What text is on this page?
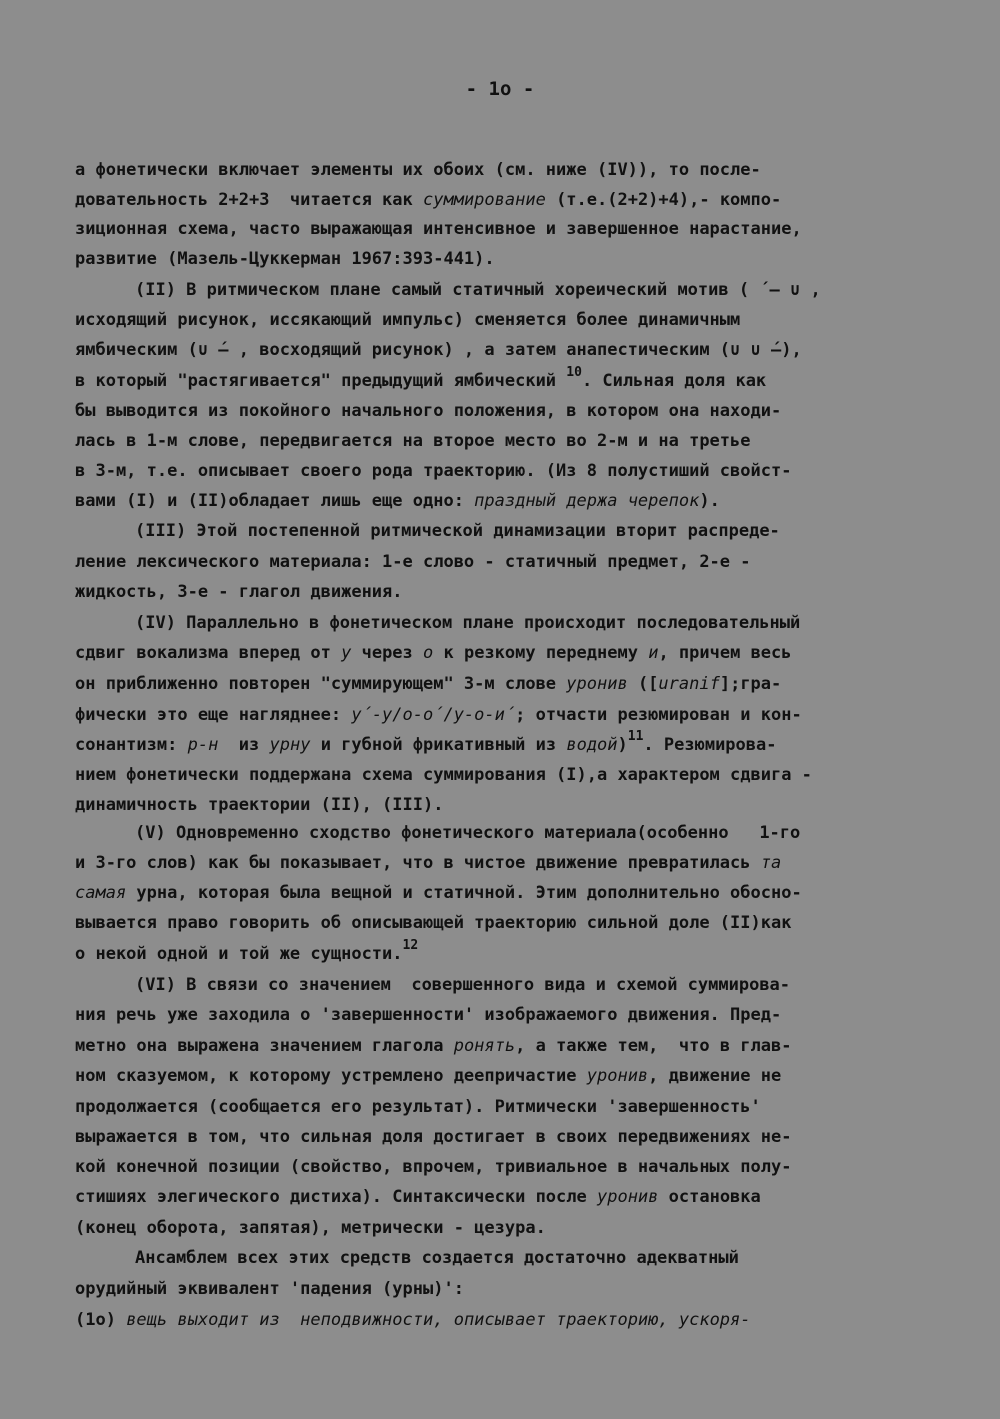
- 1o -
а фонетически включает элементы их обоих (см. ниже (IV)), то после-
довательность 2+2+3  читается как суммирование (т.е.(2+2)+4),- компо-
зиционная схема, часто выражающая интенсивное и завершенное нарастание,
развитие (Мазель-Цуккерман 1967:393-441).
(II) В ритмическом плане самый статичный хореический мотив ( ́ – ∪ ,
исходящий рисунок, иссякающий импульс) сменяется более динамичным
ямбическим (∪ ́– , восходящий рисунок) , а затем анапестическим (∪ ∪ ́–),
в который "растягивается" предыдущий ямбический $^{10}$. Сильная доля как
бы выводится из покойного начального положения, в котором она находи-
лась в 1-м слове, передвигается на второе место во 2-м и на третье
в 3-м, т.е. описывает своего рода траекторию. (Из 8 полустиший свойст-
вами (I) и (II)обладает лишь еще одно: праздный держа черепок).
(III) Этой постепенной ритмической динамизации вторит распреде-
ление лексического материала: 1-е слово - статичный предмет, 2-е -
жидкость, 3-е - глагол движения.
(IV) Параллельно в фонетическом плане происходит последовательный
сдвиг вокализма вперед от у через о к резкому переднему и, причем весь
он приближенно повторен "суммирующем" 3-м слове уронив ([uranif];гра-
фически это еще нагляднее: у́-у/о-о́/у-о-и́; отчасти резюмирован и кон-
сонантизм: р-н  из урну и губной фрикативный из водой)$^{11}$. Резюмирова-
нием фонетически поддержана схема суммирования (I),а характером сдвига -
динамичность траектории (II), (III).
(V) Одновременно сходство фонетического материала(особенно   1-го
и 3-го слов) как бы показывает, что в чистое движение превратилась та
самая урна, которая была вещной и статичной. Этим дополнительно обосно-
вывается право говорить об описывающей траекторию сильной доле (II)как
о некой одной и той же сущности.$^{12}$
(VI) В связи со значением  совершенного вида и схемой суммирова-
ния речь уже заходила о 'завершенности' изображаемого движения. Пред-
метно она выражена значением глагола ронять, а также тем,  что в глав-
ном сказуемом, к которому устремлено деепричастие уронив, движение не
продолжается (сообщается его результат). Ритмически 'завершенность'
выражается в том, что сильная доля достигает в своих передвижениях не-
кой конечной позиции (свойство, впрочем, тривиальное в начальных полу-
стишиях элегического дистиха). Синтаксически после уронив остановка
(конец оборота, запятая), метрически - цезура.
Ансамблем всех этих средств создается достаточно адекватный
орудийный эквивалент 'падения (урны)':
(1o) вещь выходит из  неподвижности, описывает траекторию, ускоря-
